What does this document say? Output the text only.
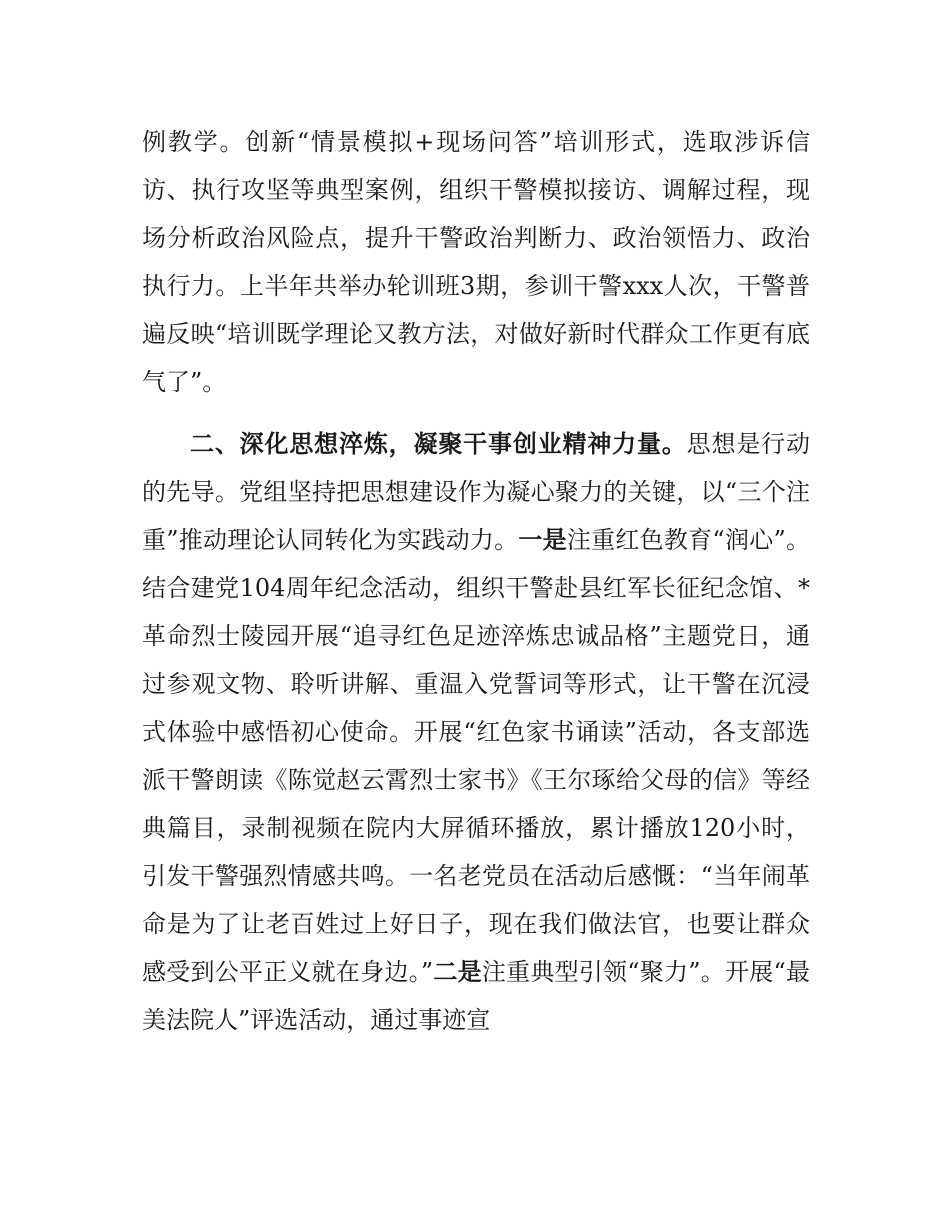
例教学。创新“情景模拟+现场问答”培训形式，选取涉诉信访、执行攻坚等典型案例，组织干警模拟接访、调解过程，现场分析政治风险点，提升干警政治判断力、政治领悟力、政治执行力。上半年共举办轮训班3期，参训干警xxx人次，干警普遍反映“培训既学理论又教方法，对做好新时代群众工作更有底气了”。

二、深化思想淬炼，凝聚干事创业精神力量。思想是行动的先导。党组坚持把思想建设作为凝心聚力的关键，以“三个注重”推动理论认同转化为实践动力。一是注重红色教育“润心”。结合建党104周年纪念活动，组织干警赴县红军长征纪念馆、*革命烈士陵园开展“追寻红色足迹淬炼忠诚品格”主题党日，通过参观文物、聆听讲解、重温入党誓词等形式，让干警在沉浸式体验中感悟初心使命。开展“红色家书诵读”活动，各支部选派干警朗读《陈觉赵云霄烈士家书》《王尔琢给父母的信》等经典篇目，录制视频在院内大屏循环播放，累计播放120小时，引发干警强烈情感共鸣。一名老党员在活动后感慨：“当年闹革命是为了让老百姓过上好日子，现在我们做法官，也要让群众感受到公平正义就在身边。”二是注重典型引领“聚力”。开展“最美法院人”评选活动，通过事迹宣
